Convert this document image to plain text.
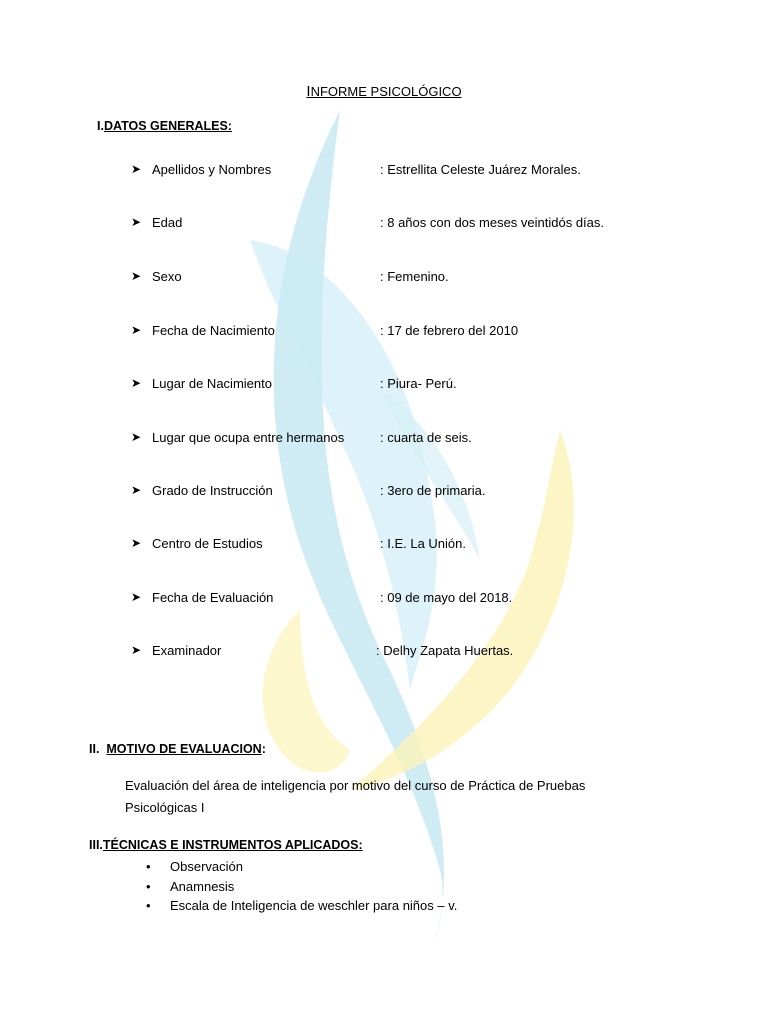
INFORME PSICOLÓGICO
I.DATOS GENERALES:
➤ Apellidos y Nombres	: Estrellita Celeste Juárez Morales.
➤ Edad	: 8 años con dos meses veintidós días.
➤ Sexo	: Femenino.
➤ Fecha de Nacimiento	: 17 de febrero del 2010
➤ Lugar de Nacimiento	: Piura- Perú.
➤ Lugar que ocupa entre hermanos	: cuarta de seis.
➤ Grado de Instrucción	: 3ero de primaria.
➤ Centro de Estudios	: I.E. La Unión.
➤ Fecha de Evaluación	: 09 de mayo del 2018.
➤ Examinador	: Delhy Zapata Huertas.
II. MOTIVO DE EVALUACION:
Evaluación del área de inteligencia por motivo del curso de Práctica de Pruebas Psicológicas I
III.TÉCNICAS E INSTRUMENTOS APLICADOS:
• Observación
• Anamnesis
• Escala de Inteligencia de weschler para niños – v.
